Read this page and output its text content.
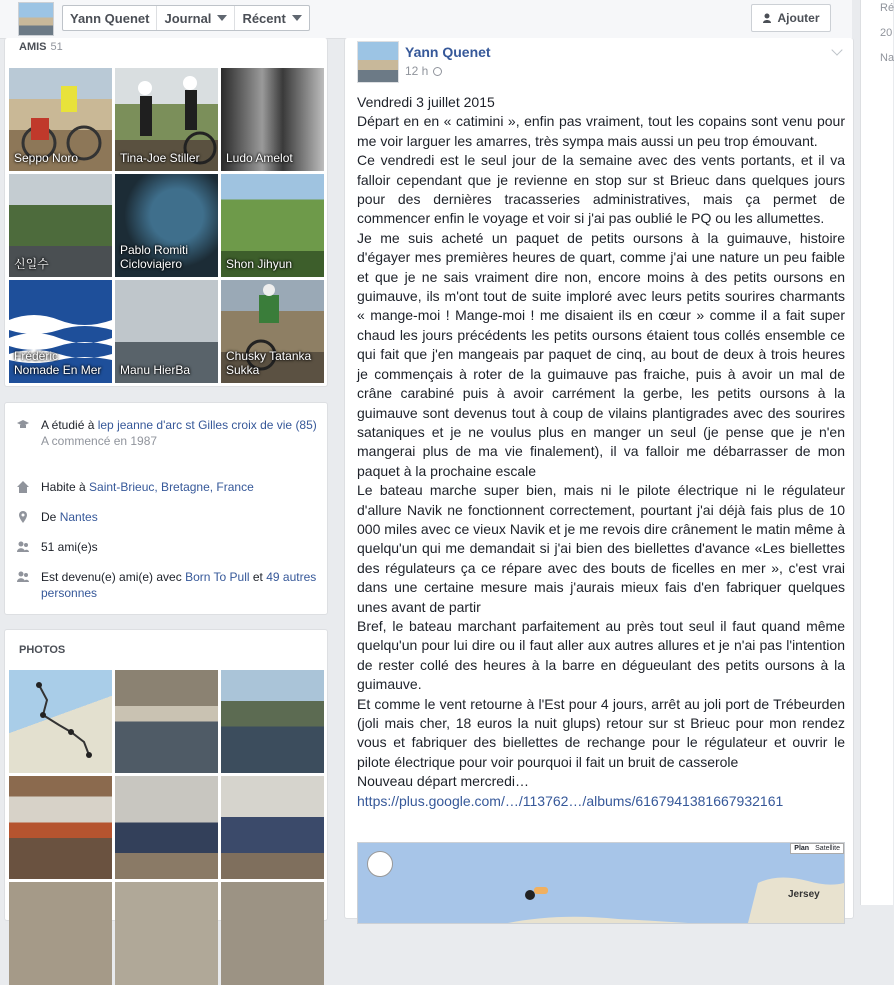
Yann Quenet Journal Récent	Ajouter
Ré
20
Na
AMIS 51
Seppo Noro	Tina-Joe Stiller Ludo Amelot
신일수
Pablo Romiti
Cicloviajero	Shon Jihyun
Frédéric
Nomade En Mer Manu HierBa
Chusky Tatanka
Sukka
A étudié à lep jeanne d'arc st Gilles croix de vie (85)
A commencé en 1987
Habite à Saint-Brieuc, Bretagne, France
De Nantes
51 ami(e)s
Est devenu(e) ami(e) avec Born To Pull et 49 autres personnes
PHOTOS
Yann Quenet
12 h

Vendredi 3 juillet 2015

Départ en en « catimini », enfin pas vraiment, tout les copains sont venu pour me voir larguer les amarres, très sympa mais aussi un peu trop émouvant.

Ce vendredi est le seul jour de la semaine avec des vents portants, et il va falloir cependant que je revienne en stop sur st Brieuc dans quelques jours pour des dernières tracasseries administratives, mais ça permet de commencer enfin le voyage et voir si j'ai pas oublié le PQ ou les allumettes.

Je me suis acheté un paquet de petits oursons à la guimauve, histoire d'égayer mes premières heures de quart, comme j'ai une nature un peu faible et que je ne sais vraiment dire non, encore moins à des petits oursons en guimauve, ils m'ont tout de suite imploré avec leurs petits sourires charmants « mange-moi ! Mange-moi ! me disaient ils en cœur » comme il a fait super chaud les jours précédents les petits oursons étaient tous collés ensemble ce qui fait que j'en mangeais par paquet de cinq, au bout de deux à trois heures je commençais à roter de la guimauve pas fraiche, puis à avoir un mal de crâne carabiné puis à avoir carrément la gerbe, les petits oursons à la guimauve sont devenus tout à coup de vilains plantigrades avec des sourires sataniques et je ne voulus plus en manger un seul (je pense que je n'en mangerai plus de ma vie finalement), il va falloir me débarrasser de mon paquet à la prochaine escale

Le bateau marche super bien, mais ni le pilote électrique ni le régulateur d'allure Navik ne fonctionnent correctement, pourtant j'ai déjà fais plus de 10 000 miles avec ce vieux Navik et je me revois dire crânement le matin même à quelqu'un qui me demandait si j'ai bien des biellettes d'avance «Les biellettes des régulateurs ça ce répare avec des bouts de ficelles en mer », c'est vrai dans une certaine mesure mais j'aurais mieux fais d'en fabriquer quelques unes avant de partir

Bref, le bateau marchant parfaitement au près tout seul il faut quand même quelqu'un pour lui dire ou il faut aller aux autres allures et je n'ai pas l'intention de rester collé des heures à la barre en dégueulant des petits oursons à la guimauve.

Et comme le vent retourne à l'Est pour 4 jours, arrêt au joli port de Trébeurden (joli mais cher, 18 euros la nuit glups) retour sur st Brieuc pour mon rendez vous et fabriquer des biellettes de rechange pour le régulateur et ouvrir le pilote électrique pour voir pourquoi il fait un bruit de casserole

Nouveau départ mercredi…

https://plus.google.com/…/113762…/albums/6167941381667932161

Plan Satellite
Jersey
